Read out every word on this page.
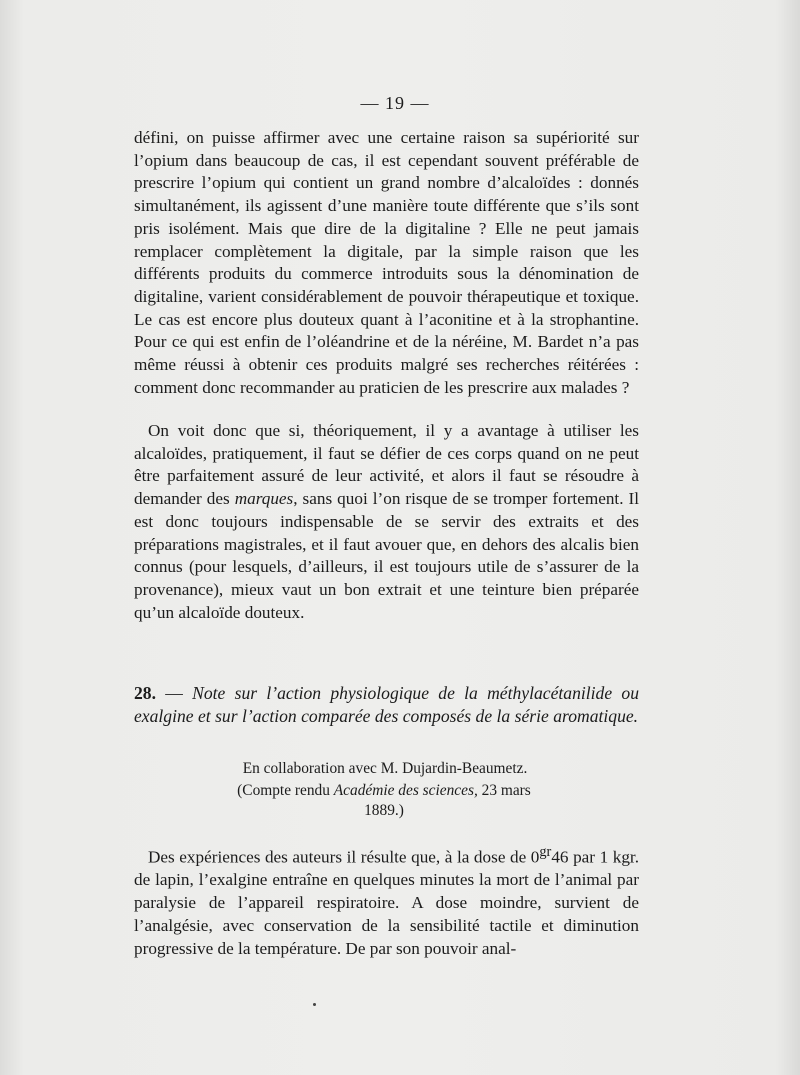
— 19 —

défini, on puisse affirmer avec une certaine raison sa supériorité sur l’opium dans beaucoup de cas, il est cependant souvent préférable de prescrire l’opium qui contient un grand nombre d’alcaloïdes : donnés simultanément, ils agissent d’une manière toute différente que s’ils sont pris isolément. Mais que dire de la digitaline ? Elle ne peut jamais remplacer complètement la digitale, par la simple raison que les différents produits du commerce introduits sous la dénomination de digitaline, varient considérablement de pouvoir thérapeutique et toxique. Le cas est encore plus douteux quant à l’aconitine et à la strophantine. Pour ce qui est enfin de l’oléandrine et de la néréine, M. Bardet n’a pas même réussi à obtenir ces produits malgré ses recherches réitérées : comment donc recommander au praticien de les prescrire aux malades ?

On voit donc que si, théoriquement, il y a avantage à utiliser les alcaloïdes, pratiquement, il faut se défier de ces corps quand on ne peut être parfaitement assuré de leur activité, et alors il faut se résoudre à demander des marques, sans quoi l’on risque de se tromper fortement. Il est donc toujours indispensable de se servir des extraits et des préparations magistrales, et il faut avouer que, en dehors des alcalis bien connus (pour lesquels, d’ailleurs, il est toujours utile de s’assurer de la provenance), mieux vaut un bon extrait et une teinture bien préparée qu’un alcaloïde douteux.

28. — Note sur l’action physiologique de la méthylacétanilide ou exalgine et sur l’action comparée des composés de la série aromatique.

En collaboration avec M. Dujardin-Beaumetz.
(Compte rendu Académie des sciences, 23 mars 1889.)

Des expériences des auteurs il résulte que, à la dose de $0^{gr}46$ par 1 kgr. de lapin, l’exalgine entraîne en quelques minutes la mort de l’animal par paralysie de l’appareil respiratoire. A dose moindre, survient de l’analgésie, avec conservation de la sensibilité tactile et diminution progressive de la température. De par son pouvoir anal-
